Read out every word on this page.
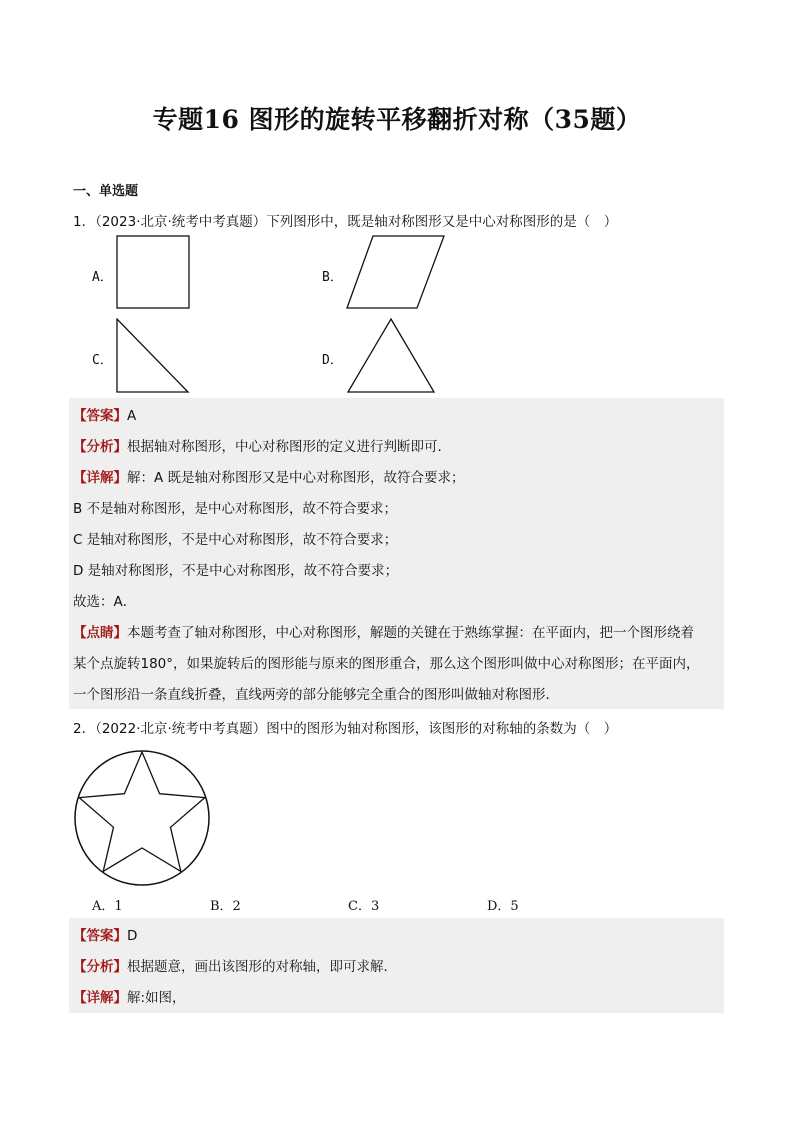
专题16 图形的旋转平移翻折对称（35题）
一、单选题
1．（2023·北京·统考中考真题）下列图形中，既是轴对称图形又是中心对称图形的是（　）
A．	B．
C．	D．
【答案】A
【分析】根据轴对称图形，中心对称图形的定义进行判断即可．
【详解】解：A 既是轴对称图形又是中心对称图形，故符合要求；
B 不是轴对称图形，是中心对称图形，故不符合要求；
C 是轴对称图形，不是中心对称图形，故不符合要求；
D 是轴对称图形，不是中心对称图形，故不符合要求；
故选：A．
【点睛】本题考查了轴对称图形，中心对称图形，解题的关键在于熟练掌握：在平面内，把一个图形绕着
某个点旋转180°，如果旋转后的图形能与原来的图形重合，那么这个图形叫做中心对称图形；在平面内，
一个图形沿一条直线折叠，直线两旁的部分能够完全重合的图形叫做轴对称图形．
2．（2022·北京·统考中考真题）图中的图形为轴对称图形，该图形的对称轴的条数为（　）
A．1	B．2	C．3	D．5
【答案】D
【分析】根据题意，画出该图形的对称轴，即可求解．
【详解】解:如图，
